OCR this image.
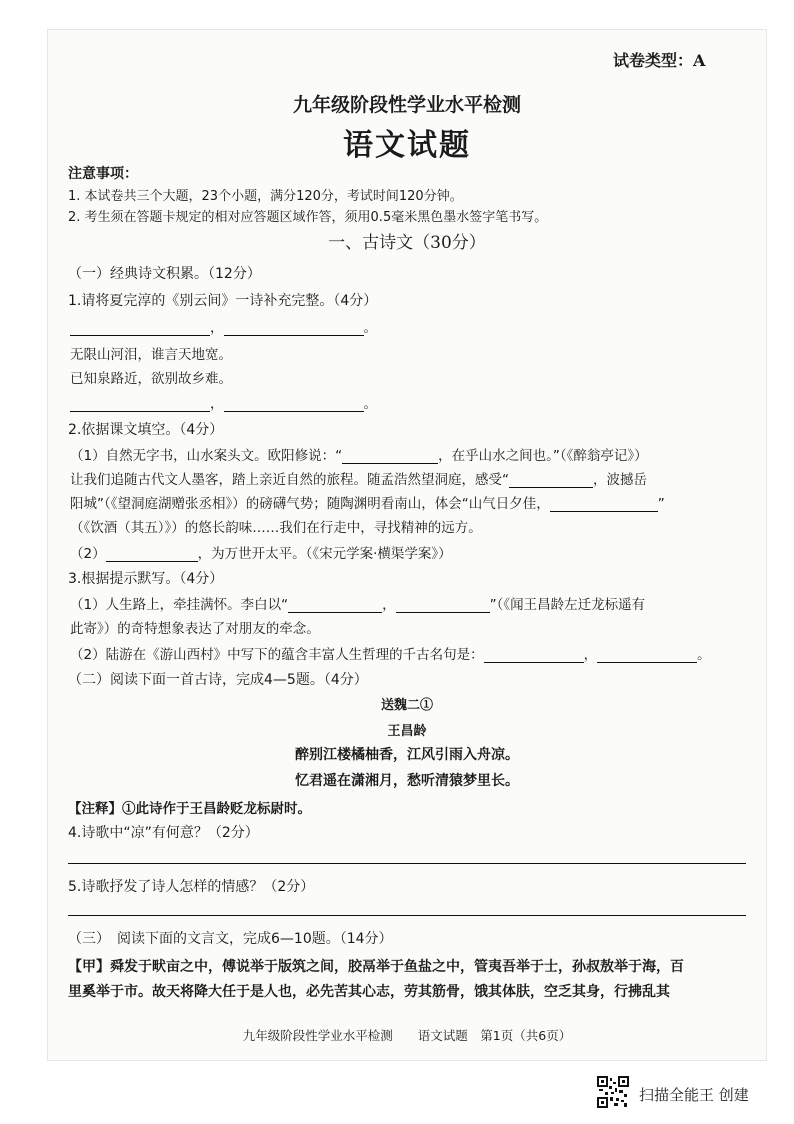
试卷类型：A
九年级阶段性学业水平检测
语文试题
注意事项：
1. 本试卷共三个大题，23个小题，满分120分，考试时间120分钟。
2. 考生须在答题卡规定的相对应答题区域作答，须用0.5毫米黑色墨水签字笔书写。
一、古诗文（30分）
（一）经典诗文积累。（12分）
1.请将夏完淳的《别云间》一诗补充完整。（4分）
，	。
无限山河泪，谁言天地宽。
已知泉路近，欲别故乡难。
，	。
2.依据课文填空。（4分）
（1）自然无字书，山水案头文。欧阳修说：“	，在乎山水之间也。”（《醉翁亭记》）
让我们追随古代文人墨客，踏上亲近自然的旅程。随孟浩然望洞庭，感受“	，波撼岳
阳城”（《望洞庭湖赠张丞相》）的磅礴气势；随陶渊明看南山，体会“山气日夕佳，	”
（《饮酒（其五）》）的悠长韵味……我们在行走中，寻找精神的远方。
（2）	，为万世开太平。（《宋元学案·横渠学案》）
3.根据提示默写。（4分）
（1）人生路上，牵挂满怀。李白以“	，	”（《闻王昌龄左迁龙标遥有
此寄》）的奇特想象表达了对朋友的牵念。
（2）陆游在《游山西村》中写下的蕴含丰富人生哲理的千古名句是：	，	。
（二）阅读下面一首古诗，完成4—5题。（4分）
送魏二①
王昌龄
醉别江楼橘柚香，江风引雨入舟凉。
忆君遥在潇湘月，愁听清猿梦里长。
【注释】①此诗作于王昌龄贬龙标尉时。
4.诗歌中“凉”有何意？（2分）
5.诗歌抒发了诗人怎样的情感？（2分）
（三）　阅读下面的文言文，完成6—10题。（14分）
【甲】舜发于畎亩之中，傅说举于版筑之间，胶鬲举于鱼盐之中，管夷吾举于士，孙叔敖举于海，百
里奚举于市。故天将降大任于是人也，必先苦其心志，劳其筋骨，饿其体肤，空乏其身，行拂乱其
九年级阶段性学业水平检测　　语文试题　第1页（共6页）
扫描全能王 创建
